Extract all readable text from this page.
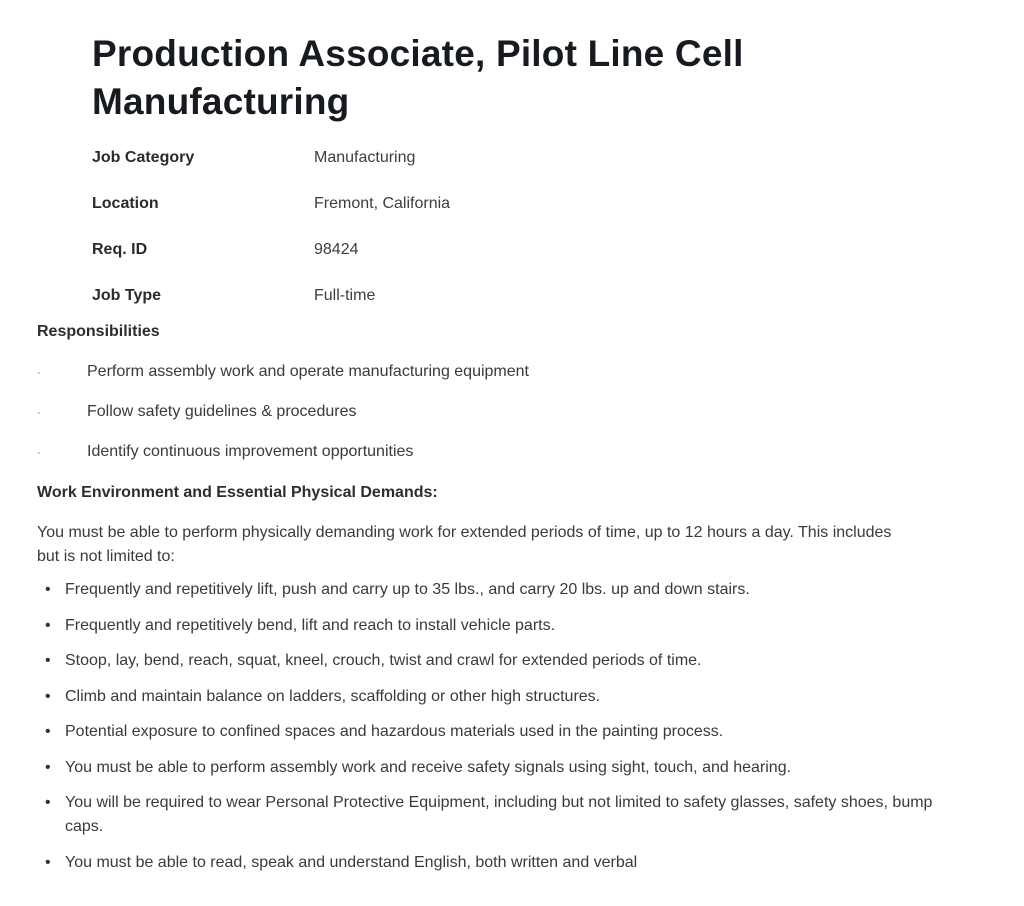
Production Associate, Pilot Line Cell Manufacturing
Job Category	Manufacturing
Location	Fremont, California
Req. ID	98424
Job Type	Full-time
Responsibilities
·	Perform assembly work and operate manufacturing equipment
·	Follow safety guidelines & procedures
·	Identify continuous improvement opportunities
Work Environment and Essential Physical Demands:

You must be able to perform physically demanding work for extended periods of time, up to 12 hours a day. This includes but is not limited to:

• Frequently and repetitively lift, push and carry up to 35 lbs., and carry 20 lbs. up and down stairs.
• Frequently and repetitively bend, lift and reach to install vehicle parts.
• Stoop, lay, bend, reach, squat, kneel, crouch, twist and crawl for extended periods of time.
• Climb and maintain balance on ladders, scaffolding or other high structures.
• Potential exposure to confined spaces and hazardous materials used in the painting process.
• You must be able to perform assembly work and receive safety signals using sight, touch, and hearing.
• You will be required to wear Personal Protective Equipment, including but not limited to safety glasses, safety shoes, bump caps.
• You must be able to read, speak and understand English, both written and verbal
